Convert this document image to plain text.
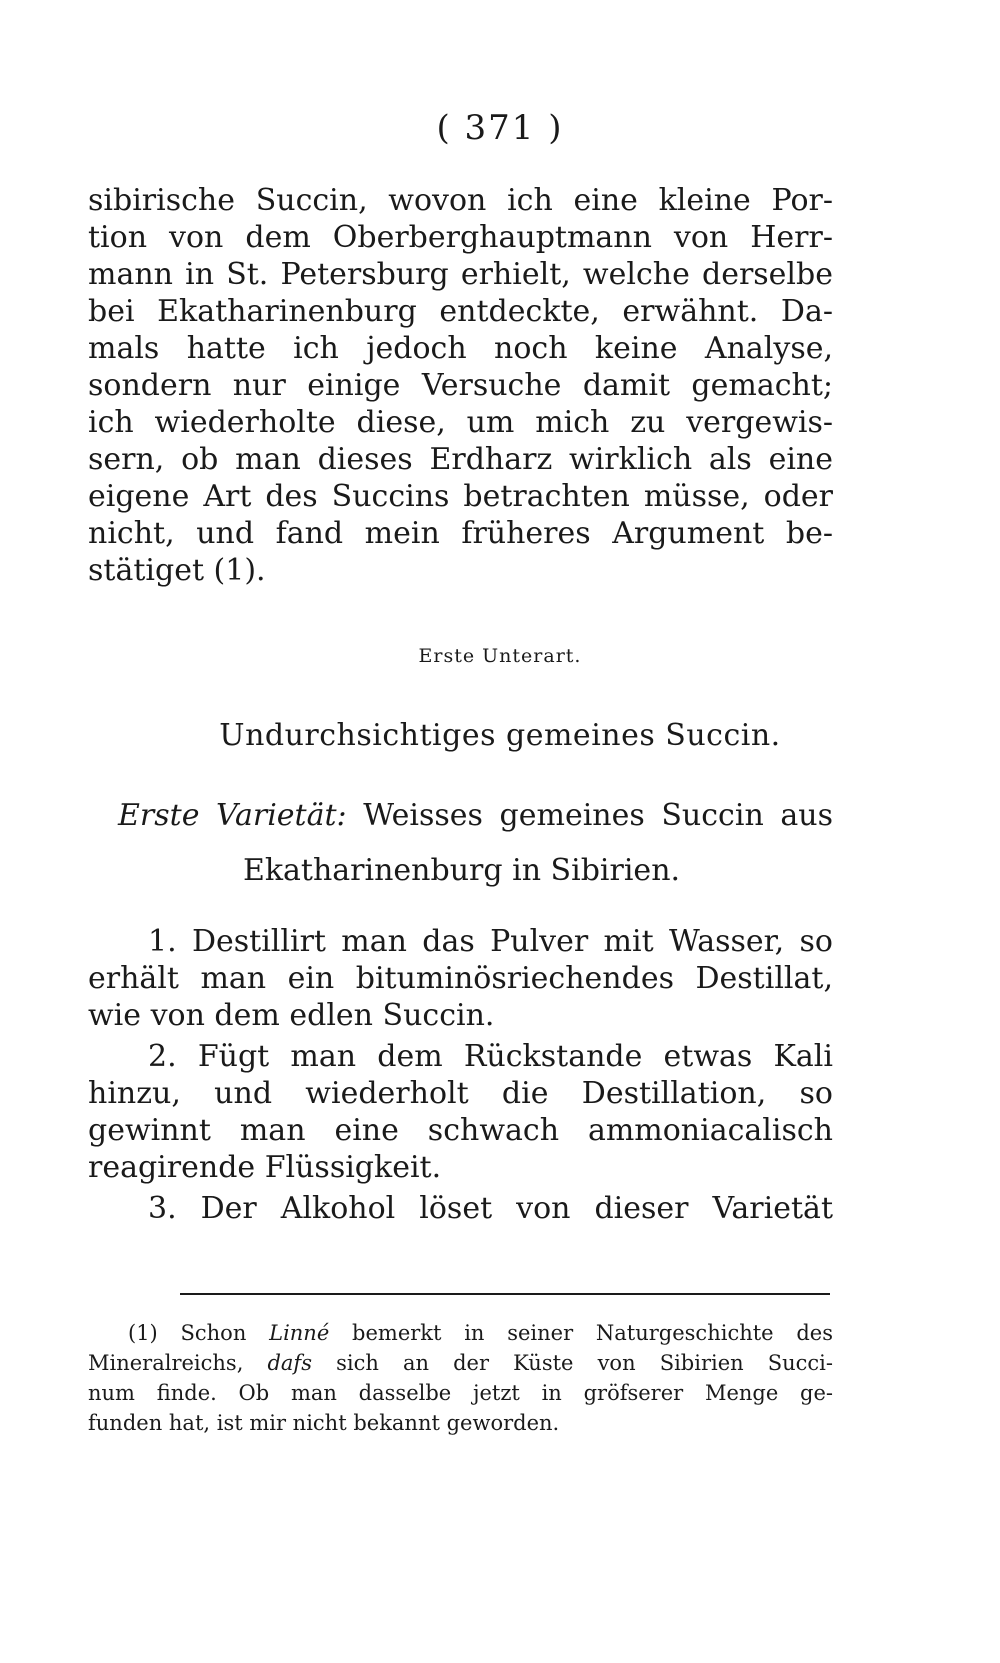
( 371 )
sibirische Succin, wovon ich eine kleine Por-
tion von dem Oberberghauptmann von Herr-
mann in St. Petersburg erhielt, welche derselbe
bei Ekatharinenburg entdeckte, erwähnt. Da-
mals hatte ich jedoch noch keine Analyse,
sondern nur einige Versuche damit gemacht;
ich wiederholte diese, um mich zu vergewis-
sern, ob man dieses Erdharz wirklich als eine
eigene Art des Succins betrachten müsse, oder
nicht, und fand mein früheres Argument be-
stätiget (1).
Erste Unterart.
Undurchsichtiges gemeines Succin.
Erste Varietät: Weisses gemeines Succin aus
Ekatharinenburg in Sibirien.
1. Destillirt man das Pulver mit Wasser, so
erhält man ein bituminösriechendes Destillat,
wie von dem edlen Succin.
2. Fügt man dem Rückstande etwas Kali
hinzu, und wiederholt die Destillation, so
gewinnt man eine schwach ammoniacalisch
reagirende Flüssigkeit.
3. Der Alkohol löset von dieser Varietät
(1) Schon Linné bemerkt in seiner Naturgeschichte des
Mineralreichs, dafs sich an der Küste von Sibirien Succi-
num finde. Ob man dasselbe jetzt in gröfserer Menge ge-
funden hat, ist mir nicht bekannt geworden.
